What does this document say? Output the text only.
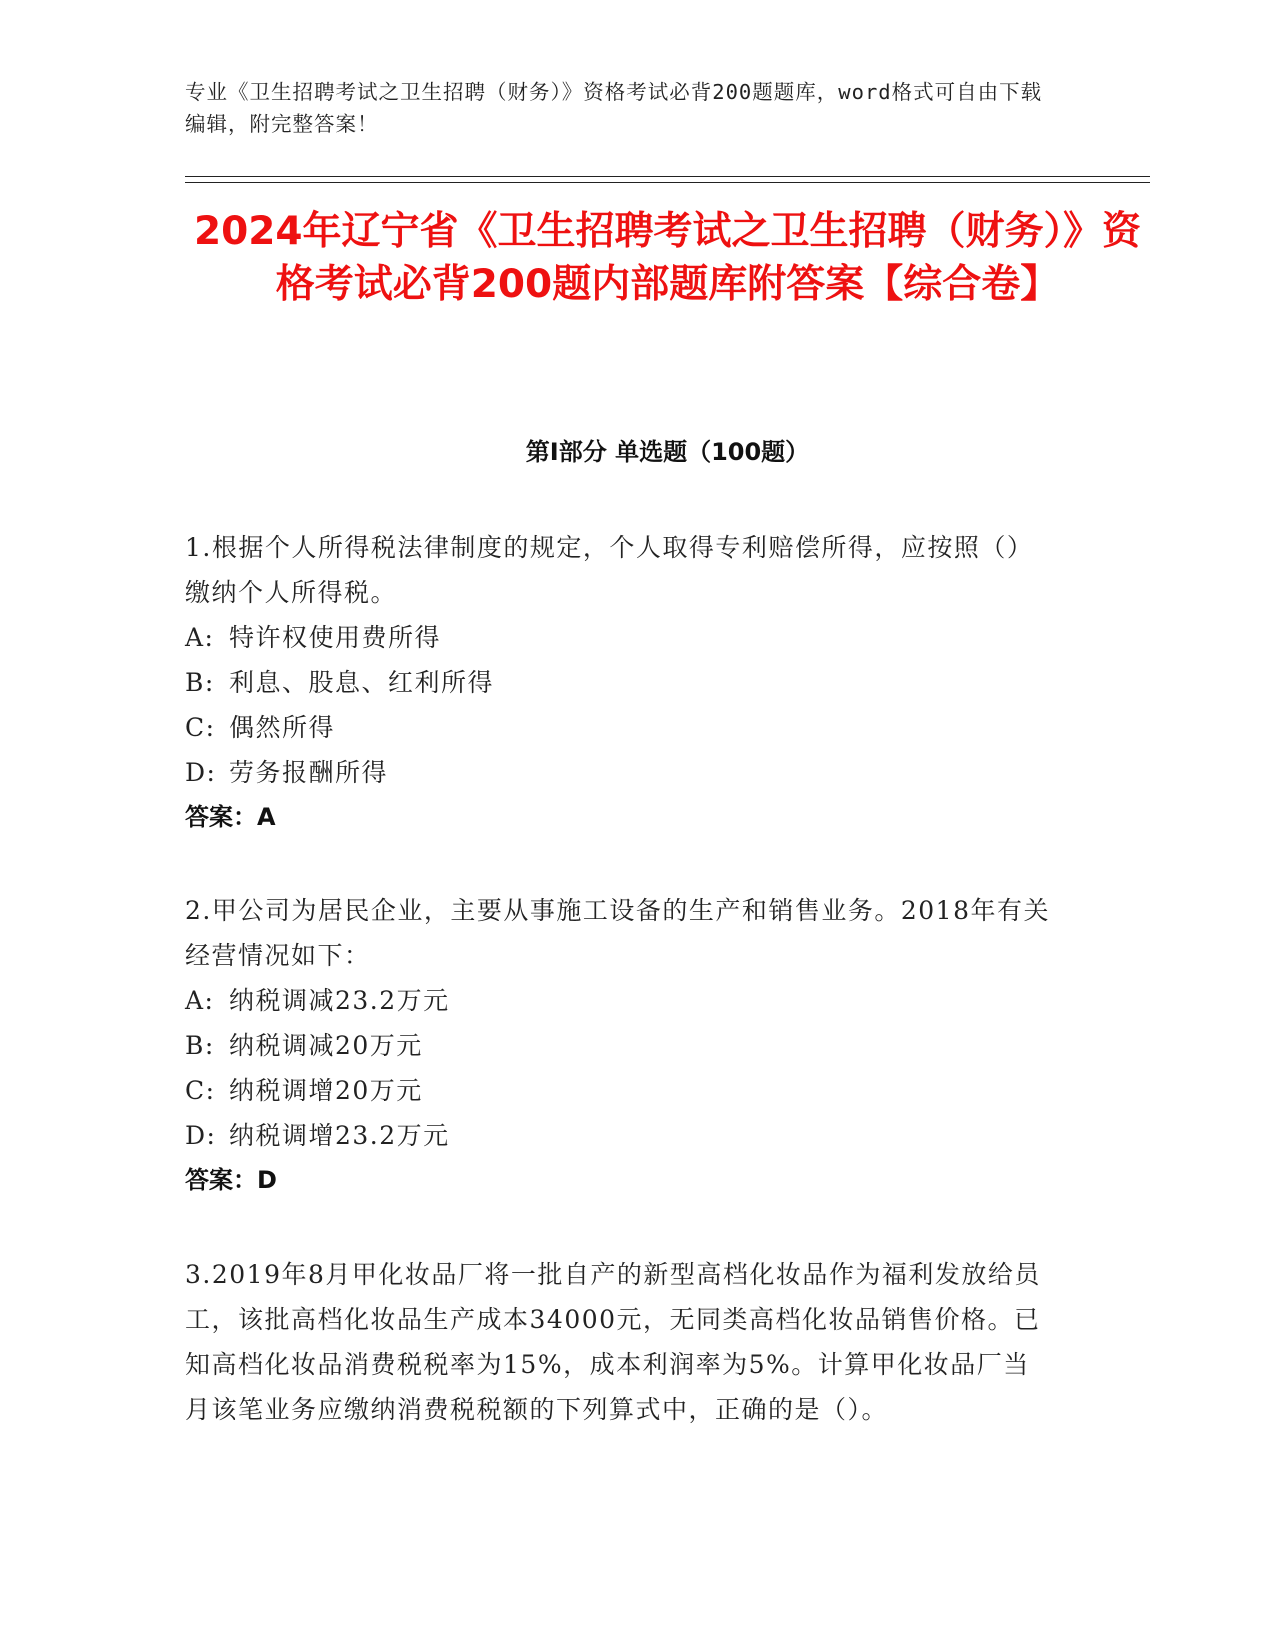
专业《卫生招聘考试之卫生招聘（财务）》资格考试必背200题题库，word格式可自由下载编辑，附完整答案！
2024年辽宁省《卫生招聘考试之卫生招聘（财务）》资格考试必背200题内部题库附答案【综合卷】
第Ⅰ部分 单选题（100题）

1.根据个人所得税法律制度的规定，个人取得专利赔偿所得，应按照（）缴纳个人所得税。

A: 特许权使用费所得

B: 利息、股息、红利所得

C: 偶然所得

D: 劳务报酬所得

答案：A

2.甲公司为居民企业，主要从事施工设备的生产和销售业务。2018年有关经营情况如下：

A: 纳税调减23.2万元

B: 纳税调减20万元

C: 纳税调增20万元

D: 纳税调增23.2万元

答案：D

3.2019年8月甲化妆品厂将一批自产的新型高档化妆品作为福利发放给员工，该批高档化妆品生产成本34000元，无同类高档化妆品销售价格。已知高档化妆品消费税税率为15%，成本利润率为5%。计算甲化妆品厂当月该笔业务应缴纳消费税税额的下列算式中，正确的是（）。
